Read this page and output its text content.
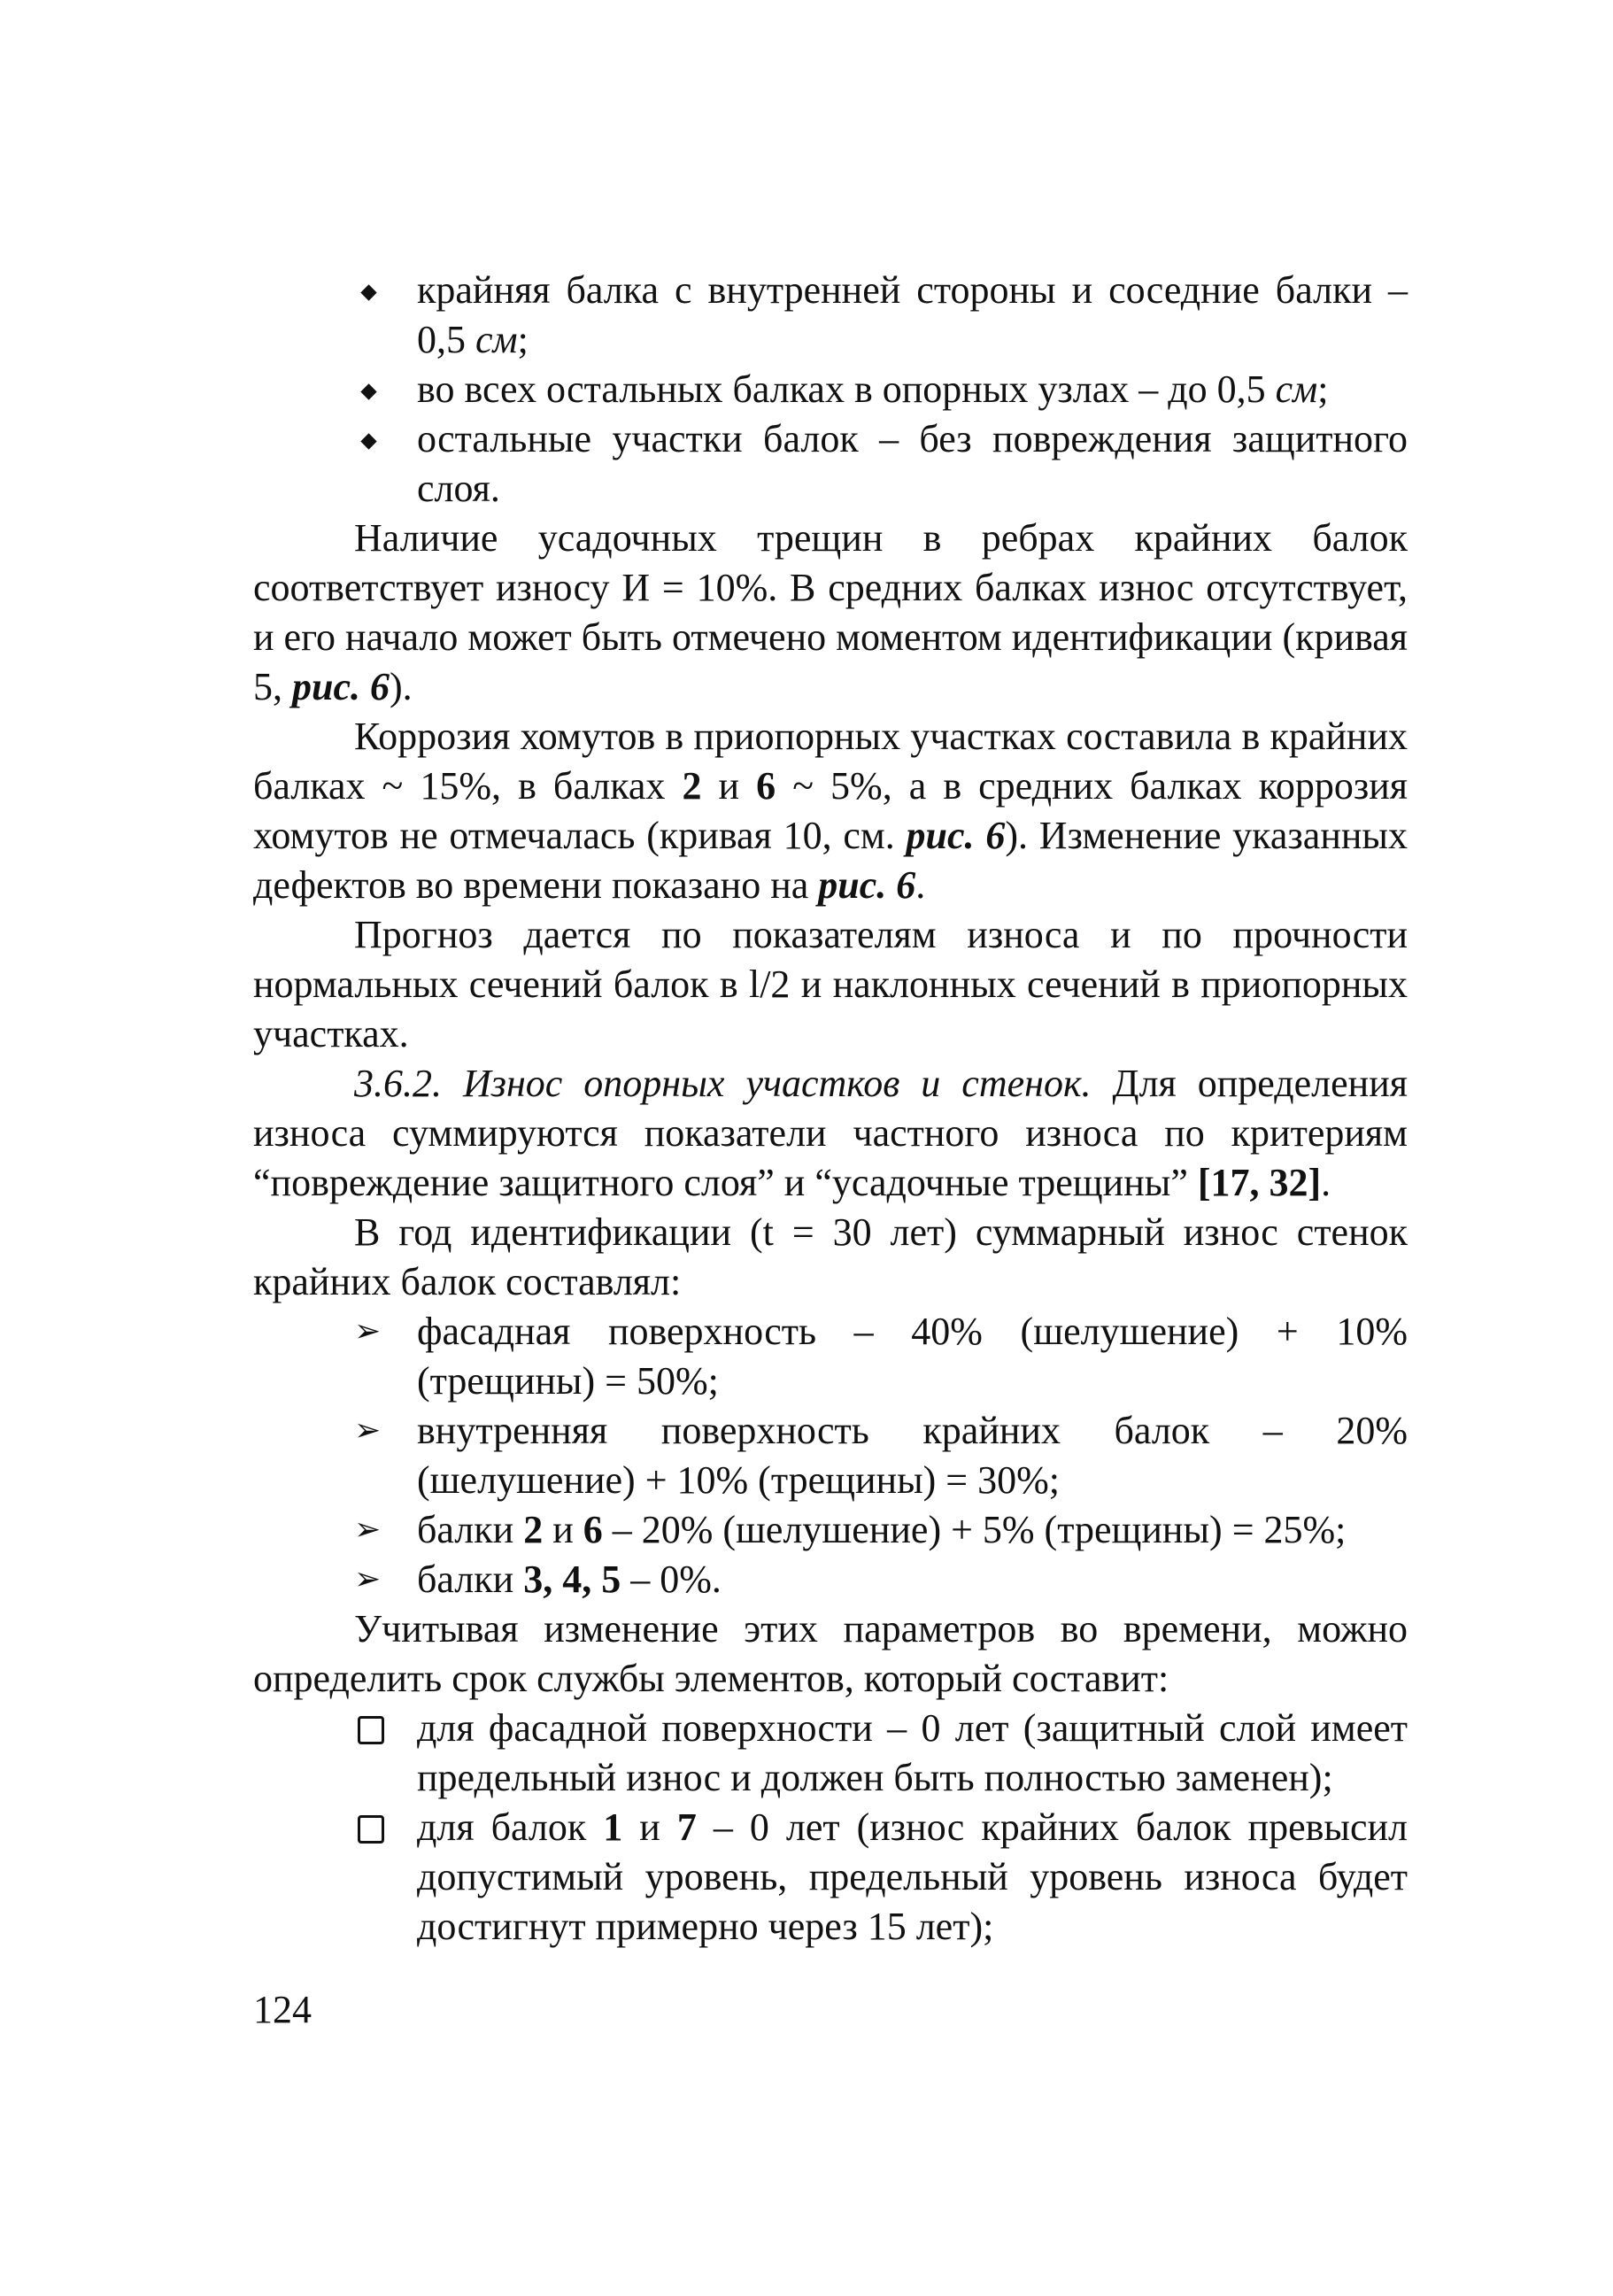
крайняя балка с внутренней стороны и соседние балки – 0,5 см;
во всех остальных балках в опорных узлах – до 0,5 см;
остальные участки балок – без повреждения защитного слоя.

Наличие усадочных трещин в ребрах крайних балок соответствует износу И = 10%. В средних балках износ отсутствует, и его начало может быть отмечено моментом идентификации (кривая 5, рис. 6).

Коррозия хомутов в приопорных участках составила в крайних балках ~ 15%, в балках 2 и 6 ~ 5%, а в средних балках коррозия хомутов не отмечалась (кривая 10, см. рис. 6). Изменение указанных дефектов во времени показано на рис. 6.

Прогноз дается по показателям износа и по прочности нормальных сечений балок в l/2 и наклонных сечений в приопорных участках.

3.6.2. Износ опорных участков и стенок. Для определения износа суммируются показатели частного износа по критериям “повреждение защитного слоя” и “усадочные трещины” [17, 32].

В год идентификации (t = 30 лет) суммарный износ стенок крайних балок составлял:

➢ фасадная поверхность – 40% (шелушение) + 10% (трещины) = 50%;
➢ внутренняя поверхность крайних балок – 20% (шелушение) + 10% (трещины) = 30%;
➢ балки 2 и 6 – 20% (шелушение) + 5% (трещины) = 25%;
➢ балки 3, 4, 5 – 0%.

Учитывая изменение этих параметров во времени, можно определить срок службы элементов, который составит:

для фасадной поверхности – 0 лет (защитный слой имеет предельный износ и должен быть полностью заменен);
для балок 1 и 7 – 0 лет (износ крайних балок превысил допустимый уровень, предельный уровень износа будет достигнут примерно через 15 лет);
124
